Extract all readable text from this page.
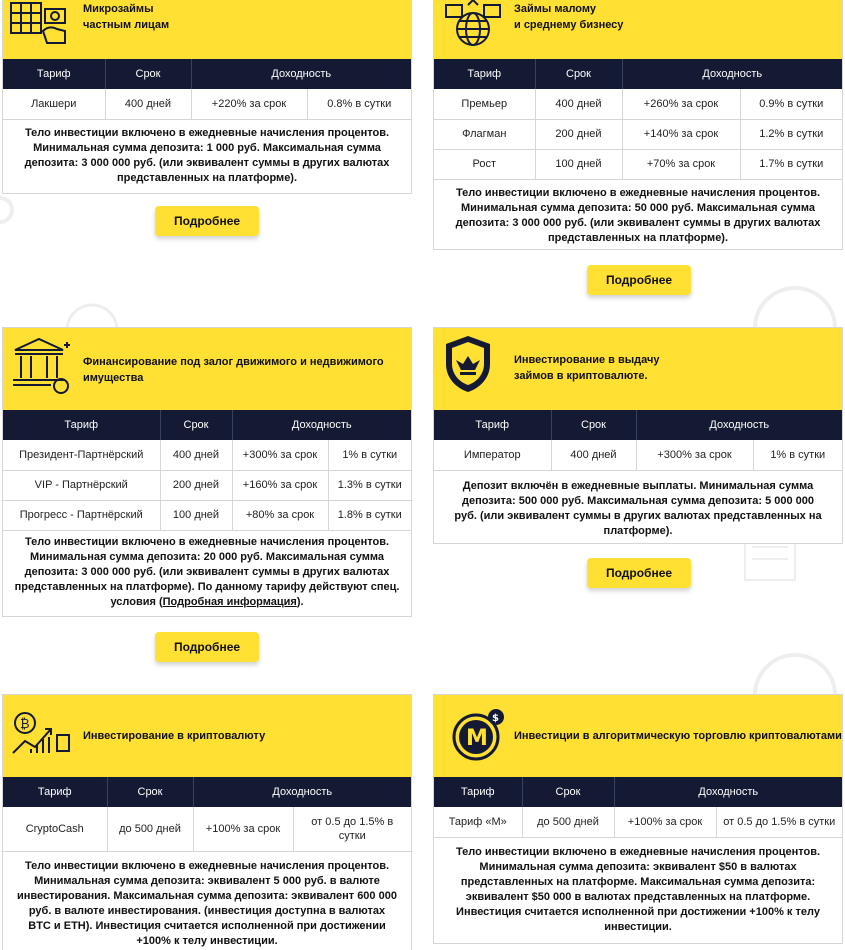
Микрозаймы
частным лицам
Тариф	Срок	Доходность	
Лакшери	400 дней	+220% за срок	0.8% в сутки
Тело инвестиции включено в ежедневные начисления процентов. Минимальная сумма депозита: 1 000 руб. Максимальная сумма депозита: 3 000 000 руб. (или эквивалент суммы в других валютах представленных на платформе).
Подробнее
Займы малому
и среднему бизнесу
Тариф	Срок	Доходность	
Премьер	400 дней	+260% за срок	0.9% в сутки
Флагман	200 дней	+140% за срок	1.2% в сутки
Рост	100 дней	+70% за срок	1.7% в сутки
Тело инвестиции включено в ежедневные начисления процентов. Минимальная сумма депозита: 50 000 руб. Максимальная сумма депозита: 3 000 000 руб. (или эквивалент суммы в других валютах представленных на платформе).
Подробнее
Финансирование под залог движимого и недвижимого
имущества
Тариф	Срок	Доходность	
Президент-Партнёрский	400 дней	+300% за срок	1% в сутки
VIP - Партнёрский	200 дней	+160% за срок	1.3% в сутки
Прогресс - Партнёрский	100 дней	+80% за срок	1.8% в сутки
Тело инвестиции включено в ежедневные начисления процентов. Минимальная сумма депозита: 20 000 руб. Максимальная сумма депозита: 3 000 000 руб. (или эквивалент суммы в других валютах представленных на платформе). По данному тарифу действуют спец. условия (Подробная информация).
Подробнее
Инвестирование в выдачу
займов в криптовалюте.
Тариф	Срок	Доходность	
Император	400 дней	+300% за срок	1% в сутки
Депозит включён в ежедневные выплаты. Минимальная сумма депозита: 500 000 руб. Максимальная сумма депозита: 5 000 000 руб. (или эквивалент суммы в других валютах представленных на платформе).
Подробнее
₿
Инвестирование в криптовалюту
Тариф	Срок	Доходность	
CryptoCash	до 500 дней	+100% за срок	от 0.5 до 1.5% в сутки
Тело инвестиции включено в ежедневные начисления процентов. Минимальная сумма депозита: эквивалент 5 000 руб. в валюте инвестирования. Максимальная сумма депозита: эквивалент 600 000 руб. в валюте инвестирования. (инвестиция доступна в валютах BTC и ETH). Инвестиция считается исполненной при достижении +100% к телу инвестиции.
M
$
Инвестиции в алгоритмическую торговлю криптовалютами
Тариф	Срок	Доходность	
Тариф «М»	до 500 дней	+100% за срок	от 0.5 до 1.5% в сутки
Тело инвестиции включено в ежедневные начисления процентов. Минимальная сумма депозита: эквивалент $50 в валютах представленных на платформе. Максимальная сумма депозита: эквивалент $50 000 в валютах представленных на платформе. Инвестиция считается исполненной при достижении +100% к телу инвестиции.
